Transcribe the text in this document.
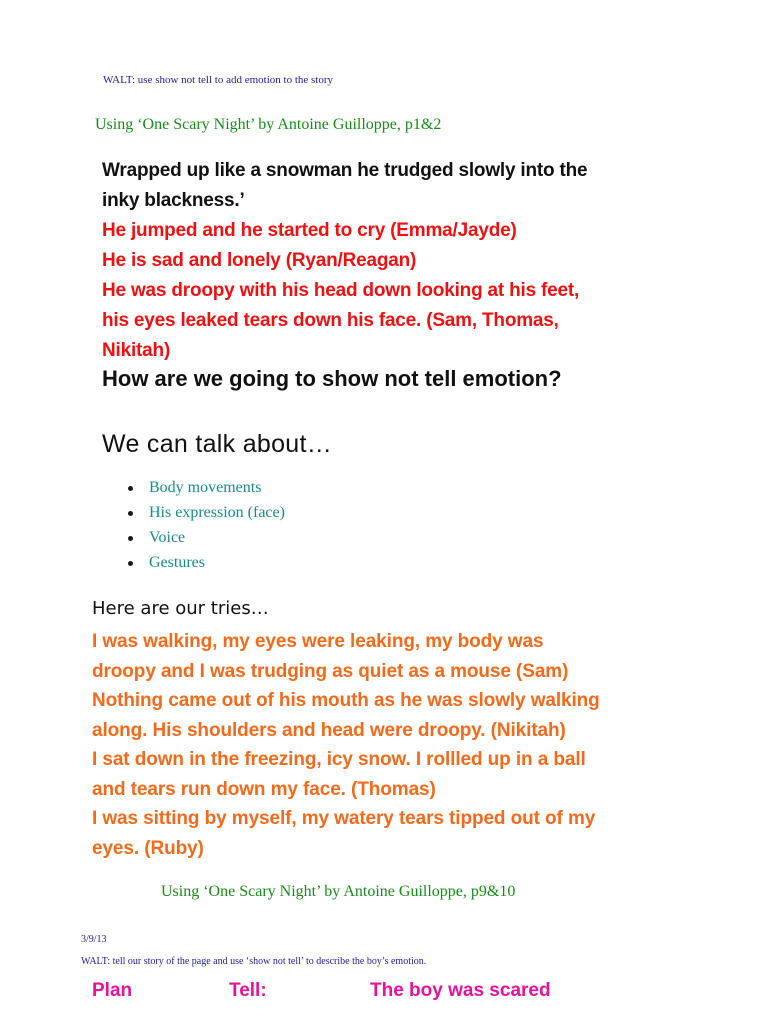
WALT: use show not tell to add emotion to the story
Using ‘One Scary Night’ by Antoine Guilloppe, p1&2
Wrapped up like a snowman he trudged slowly into the
inky blackness.’
He jumped and he started to cry (Emma/Jayde)
He is sad and lonely (Ryan/Reagan)
He was droopy with his head down looking at his feet,
his eyes leaked tears down his face. (Sam, Thomas,
Nikitah)
How are we going to show not tell emotion?
We can talk about…
Body movements
His expression (face)
Voice
Gestures
Here are our tries…
I was walking, my eyes were leaking, my body was
droopy and I was trudging as quiet as a mouse (Sam)
Nothing came out of his mouth as he was slowly walking
along. His shoulders and head were droopy. (Nikitah)
I sat down in the freezing, icy snow. I rollled up in a ball
and tears run down my face. (Thomas)
I was sitting by myself, my watery tears tipped out of my
eyes. (Ruby)
Using ‘One Scary Night’ by Antoine Guilloppe, p9&10
3/9/13
WALT: tell our story of the page and use ‘show not tell’ to describe the boy’s emotion.
Plan	Tell:	The boy was scared
